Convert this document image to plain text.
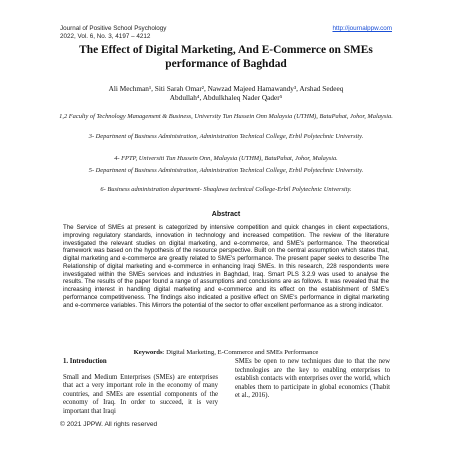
Journal of Positive School Psychology
2022, Vol. 6, No. 3, 4197 – 4212
http://journalppw.com
The Effect of Digital Marketing, And E-Commerce on SMEs
performance of Baghdad
Ali Mechman¹, Siti Sarah Omar², Nawzad Majeed Hamawandy³, Arshad Sedeeq
Abdullah⁴, Abdulkhaleq Nader Qader⁵
1,2 Faculty of Technology Management & Business, University Tun Hussein Onn Malaysia (UTHM), BatuPahat, Johor, Malaysia.
3- Department of Business Administration, Administration Technical College, Erbil Polytechnic University.
4- FPTP, Universiti Tun Hussein Onn, Malaysia (UTHM), BatuPahat, Johor, Malaysia.
5- Department of Business Administration, Administration Technical College, Erbil Polytechnic University.
6- Business administration department- Shaqlawa technical College-Erbil Polytechnic University.
Abstract
The Service of SMEs at present is categorized by intensive competition and quick changes in client expectations, improving regulatory standards, innovation in technology and increased competition. The review of the literature investigated the relevant studies on digital marketing, and e-commerce, and SME's performance. The theoretical framework was based on the hypothesis of the resource perspective. Built on the central assumption which states that, digital marketing and e-commerce are greatly related to SME's performance. The present paper seeks to describe The Relationship of digital marketing and e-commerce in enhancing Iraqi SMEs. In this research, 228 respondents were investigated within the SMEs services and industries in Baghdad, Iraq. Smart PLS 3.2.9 was used to analyse the results. The results of the paper found a range of assumptions and conclusions are as follows. It was revealed that the increasing interest in handling digital marketing and e-commerce and its effect on the establishment of SME's performance competitiveness. The findings also indicated a positive effect on SME's performance in digital marketing and e-commerce variables. This Mirrors the potential of the sector to offer excellent performance as a strong indicator.
Keywords: Digital Marketing, E-Commerce and SMEs Performance
1. Introduction
Small and Medium Enterprises (SMEs) are enterprises that act a very important role in the economy of many countries, and SMEs are essential components of the economy of Iraq. In order to succeed, it is very important that Iraqi
SMEs be open to new techniques due to that the new technologies are the key to enabling enterprises to establish contacts with enterprises over the world, which enables them to participate in global economics (Thabit et al., 2016).
© 2021 JPPW. All rights reserved
